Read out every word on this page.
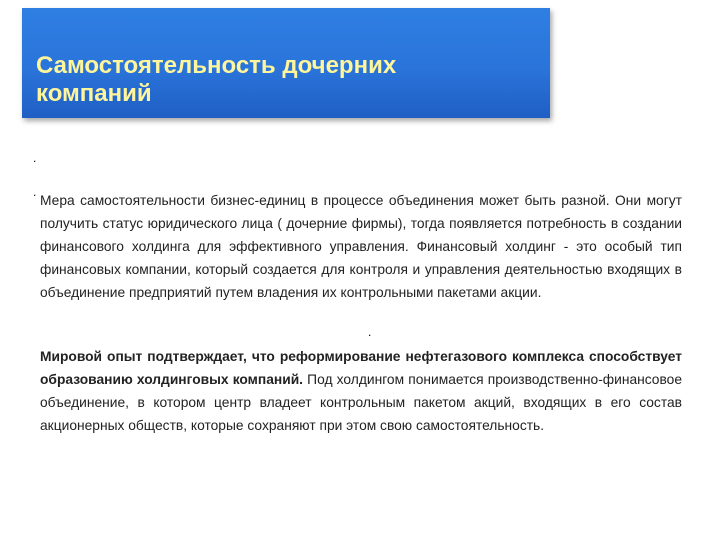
Самостоятельность дочерних
компаний
.
.
Мера самостоятельности бизнес-единиц в процессе объединения может быть разной. Они могут получить статус юридического лица ( дочерние фирмы), тогда появляется потребность в создании финансового холдинга для эффективного управления. Финансовый холдинг - это особый тип финансовых компании, который создается для контроля и управления деятельностью входящих в объединение предприятий путем владения их контрольными пакетами акции.
.
Мировой опыт подтверждает, что реформирование нефтегазового комплекса способствует образованию холдинговых компаний. Под холдингом понимается производственно-финансовое объединение, в котором центр владеет контрольным пакетом акций, входящих в его состав акционерных обществ, которые сохраняют при этом свою самостоятельность.
